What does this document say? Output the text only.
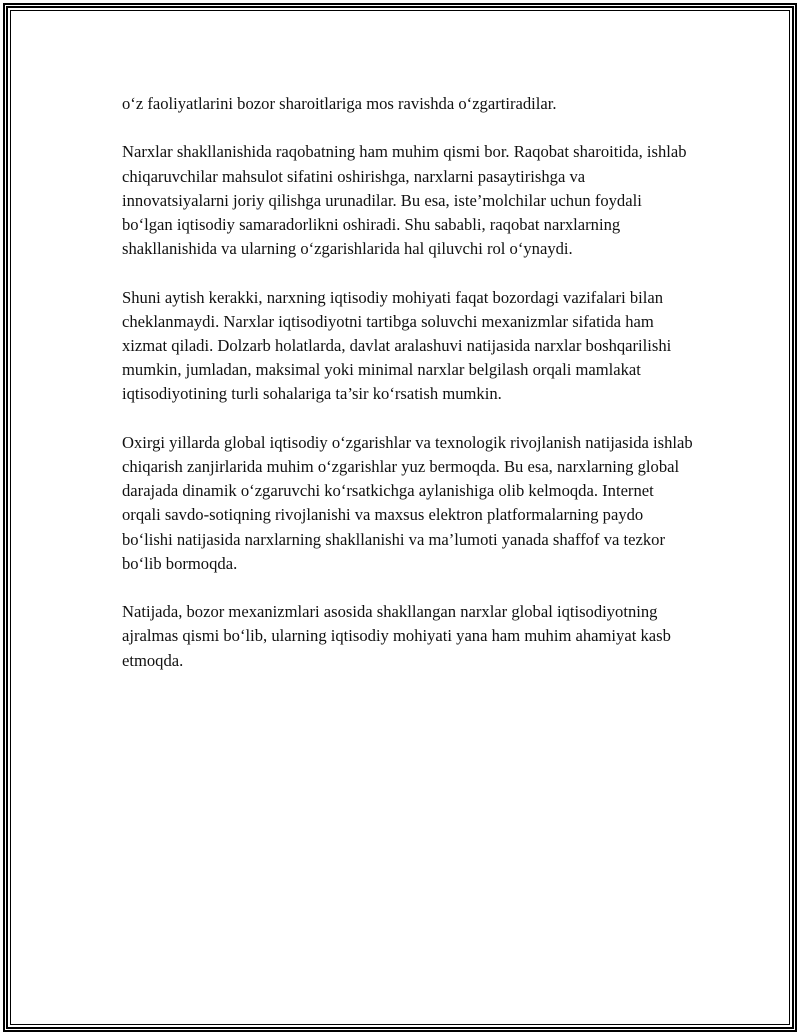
o‘z faoliyatlarini bozor sharoitlariga mos ravishda o‘zgartiradilar.

Narxlar shakllanishida raqobatning ham muhim qismi bor. Raqobat sharoitida, ishlab chiqaruvchilar mahsulot sifatini oshirishga, narxlarni pasaytirishga va innovatsiyalarni joriy qilishga urunadilar. Bu esa, iste’molchilar uchun foydali bo‘lgan iqtisodiy samaradorlikni oshiradi. Shu sababli, raqobat narxlarning shakllanishida va ularning o‘zgarishlarida hal qiluvchi rol o‘ynaydi.

Shuni aytish kerakki, narxning iqtisodiy mohiyati faqat bozordagi vazifalari bilan cheklanmaydi. Narxlar iqtisodiyotni tartibga soluvchi mexanizmlar sifatida ham xizmat qiladi. Dolzarb holatlarda, davlat aralashuvi natijasida narxlar boshqarilishi mumkin, jumladan, maksimal yoki minimal narxlar belgilash orqali mamlakat iqtisodiyotining turli sohalariga ta’sir ko‘rsatish mumkin.

Oxirgi yillarda global iqtisodiy o‘zgarishlar va texnologik rivojlanish natijasida ishlab chiqarish zanjirlarida muhim o‘zgarishlar yuz bermoqda. Bu esa, narxlarning global darajada dinamik o‘zgaruvchi ko‘rsatkichga aylanishiga olib kelmoqda. Internet orqali savdo-sotiqning rivojlanishi va maxsus elektron platformalarning paydo bo‘lishi natijasida narxlarning shakllanishi va ma’lumoti yanada shaffof va tezkor bo‘lib bormoqda.

Natijada, bozor mexanizmlari asosida shakllangan narxlar global iqtisodiyotning ajralmas qismi bo‘lib, ularning iqtisodiy mohiyati yana ham muhim ahamiyat kasb etmoqda.
